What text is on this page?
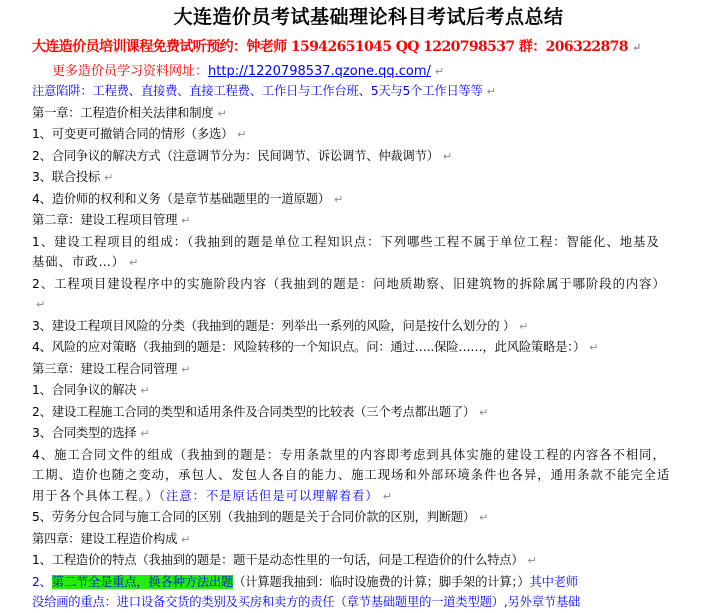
大连造价员考试基础理论科目考试后考点总结
大连造价员培训课程免费试听预约：钟老师 15942651045 QQ 1220798537 群：206322878 ↵
更多造价员学习资料网址：http://1220798537.qzone.qq.com/ ↵
注意陷阱：工程费、直接费、直接工程费、工作日与工作台班、5天与5个工作日等等 ↵
第一章：工程造价相关法律和制度 ↵
1、可变更可撤销合同的情形（多选） ↵
2、合同争议的解决方式（注意调节分为：民间调节、诉讼调节、仲裁调节） ↵
3、联合投标 ↵
4、造价师的权利和义务（是章节基础题里的一道原题） ↵
第二章：建设工程项目管理 ↵
1、建设工程项目的组成：（我抽到的题是单位工程知识点：下列哪些工程不属于单位工程：智能化、地基及基础、市政…） ↵
2、工程项目建设程序中的实施阶段内容（我抽到的题是：问地质勘察、旧建筑物的拆除属于哪阶段的内容）↵
3、建设工程项目风险的分类（我抽到的题是：列举出一系列的风险，问是按什么划分的 ） ↵
4、风险的应对策略（我抽到的题是：风险转移的一个知识点。问：通过…..保险……，此风险策略是：） ↵
第三章：建设工程合同管理 ↵
1、合同争议的解决 ↵
2、建设工程施工合同的类型和适用条件及合同类型的比较表（三个考点都出题了） ↵
3、合同类型的选择 ↵
4、施工合同文件的组成（我抽到的题是：专用条款里的内容即考虑到具体实施的建设工程的内容各不相同，工期、造价也随之变动，承包人、发包人各自的能力、施工现场和外部环境条件也各异，通用条款不能完全适用于各个具体工程。）（注意：不是原话但是可以理解着看） ↵
5、劳务分包合同与施工合同的区别（我抽到的题是关于合同价款的区别，判断题） ↵
第四章：建设工程造价构成 ↵
1、工程造价的特点（我抽到的题是：题干是动态性里的一句话，问是工程造价的什么特点） ↵
2、第二节全是重点，换各种方法出题（计算题我抽到：临时设施费的计算；脚手架的计算；）其中老师
没给画的重点：进口设备交货的类别及买房和卖方的责任（章节基础题里的一道类型题）,另外章节基础
